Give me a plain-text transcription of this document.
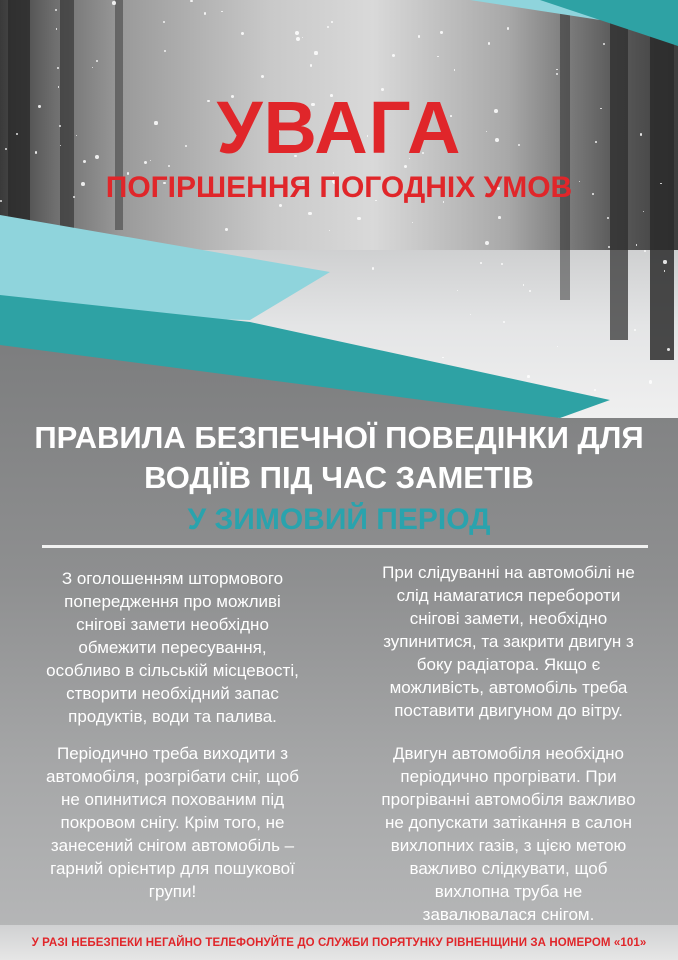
УВАГА
ПОГІРШЕННЯ ПОГОДНІХ УМОВ
ПРАВИЛА БЕЗПЕЧНОЇ ПОВЕДІНКИ ДЛЯ
ВОДІЇВ ПІД ЧАС ЗАМЕТІВ
У ЗИМОВИЙ ПЕРІОД
З оголошенням штормового попередження про можливі снігові замети необхідно обмежити пересування, особливо в сільській місцевості, створити необхідний запас продуктів, води та палива.
При слідуванні на автомобілі не слід намагатися перебороти снігові замети, необхідно зупинитися, та закрити двигун з боку радіатора. Якщо є можливість, автомобіль треба поставити двигуном до вітру.
Періодично треба виходити з автомобіля, розгрібати сніг, щоб не опинитися похованим під покровом снігу. Крім того, не занесений снігом автомобіль – гарний орієнтир для пошукової групи!
Двигун автомобіля необхідно періодично прогрівати. При прогріванні автомобіля важливо не допускати затікання в салон вихлопних газів, з цією метою важливо слідкувати, щоб вихлопна труба не завалювалася снігом.
У РАЗІ НЕБЕЗПЕКИ НЕГАЙНО ТЕЛЕФОНУЙТЕ ДО СЛУЖБИ ПОРЯТУНКУ РІВНЕНЩИНИ ЗА НОМЕРОМ «101»
